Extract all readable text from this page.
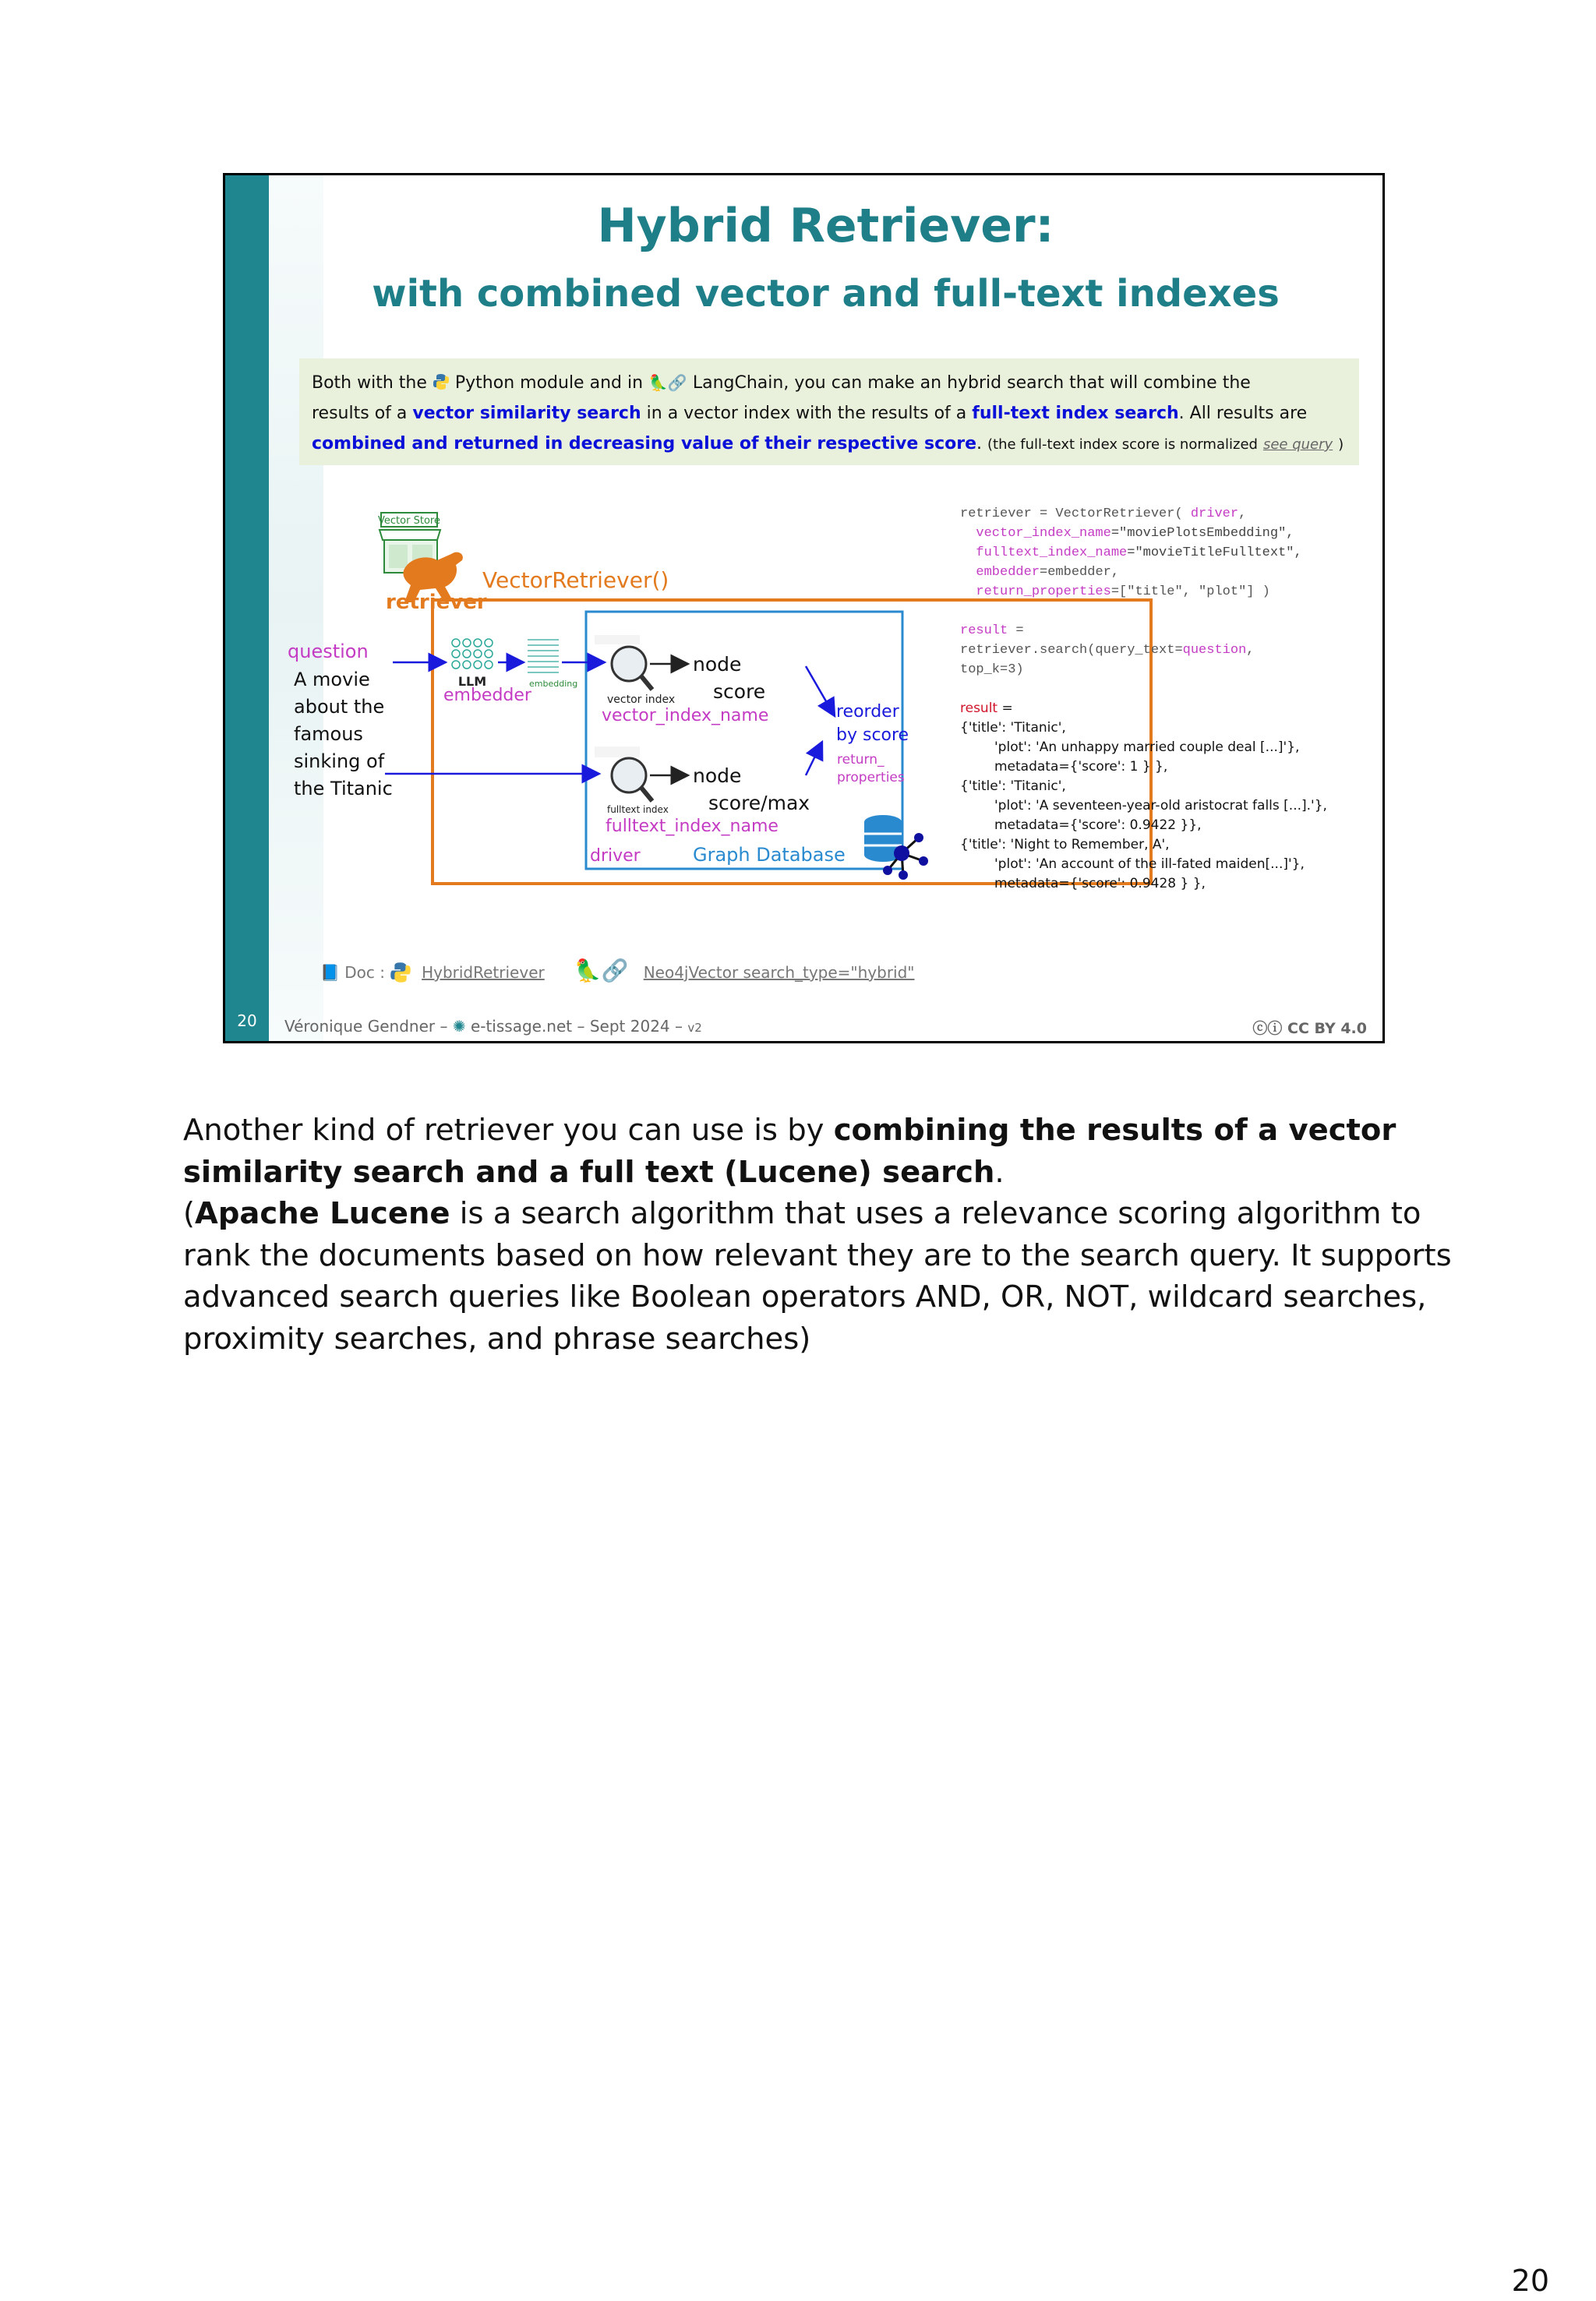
20
Hybrid Retriever:
with combined vector and full-text indexes
Both with the Python module and in 🦜🔗 LangChain, you can make an hybrid search that will combine the
results of a vector similarity search in a vector index with the results of a full-text index search. All results are
combined and returned in decreasing value of their respective score. (the full-text index score is normalized see query )
Vector Store
VectorRetriever()
retriever
question
A movie
about the
famous
sinking of
the Titanic
LLM
embedder
embedding
vector index
vector_index_name
node
score
fulltext index
fulltext_index_name
node
score/max
reorder
by score
return_
properties
driver	Graph Database
retriever = VectorRetriever( driver,
vector_index_name="moviePlotsEmbedding",
fulltext_index_name="movieTitleFulltext",
embedder=embedder,
return_properties=["title", "plot"] )

result =
retriever.search(query_text=question,
top_k=3)
result =
{'title': 'Titanic',
'plot': 'An unhappy married couple deal [...]'},
metadata={'score': 1 } },
{'title': 'Titanic',
'plot': 'A seventeen-year-old aristocrat falls [...].'},
metadata={'score': 0.9422 }},
{'title': 'Night to Remember, A',
'plot': 'An account of the ill-fated maiden[...]'},
metadata={'score': 0.9428 } },
📘 Doc : HybridRetriever 🦜🔗 Neo4jVector search_type="hybrid"
Véronique Gendner – ✺ e-tissage.net – Sept 2024 – v2	ⓒⓘ CC BY 4.0
Another kind of retriever you can use is by combining the results of a vector similarity search and a full text (Lucene) search.
(Apache Lucene is a search algorithm that uses a relevance scoring algorithm to rank the documents based on how relevant they are to the search query. It supports advanced search queries like Boolean operators AND, OR, NOT, wildcard searches, proximity searches, and phrase searches)
20
